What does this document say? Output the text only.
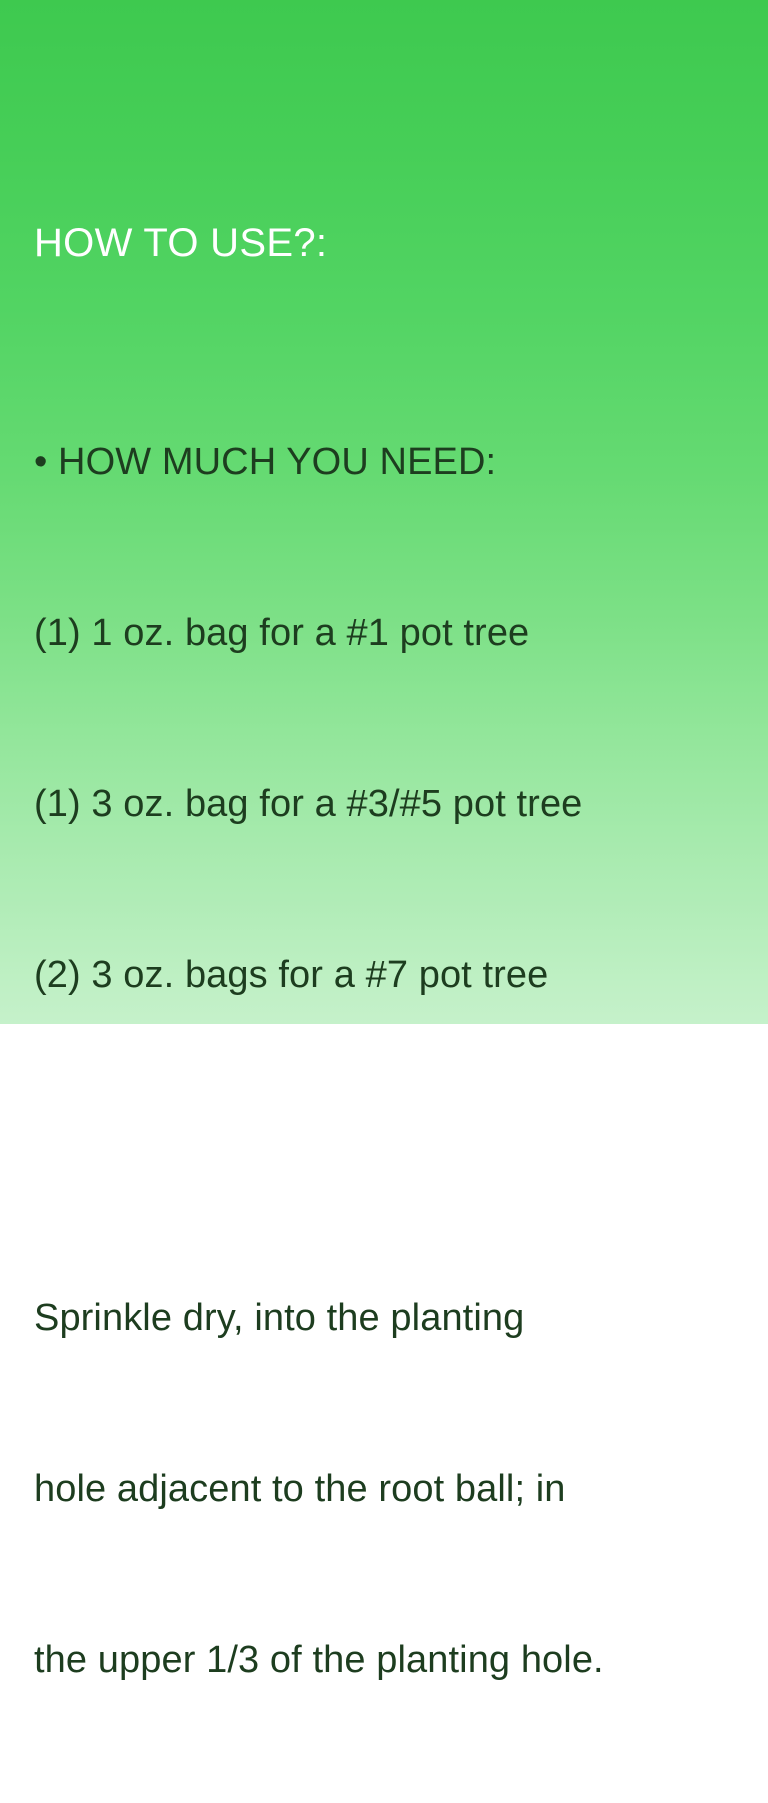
HOW TO USE?:

• HOW MUCH YOU NEED:

(1) 1 oz. bag for a #1 pot tree

(1) 3 oz. bag for a #3/#5 pot tree

(2) 3 oz. bags for a #7 pot tree

Sprinkle dry, into the planting

hole adjacent to the root ball; in

the upper 1/3 of the planting hole.
